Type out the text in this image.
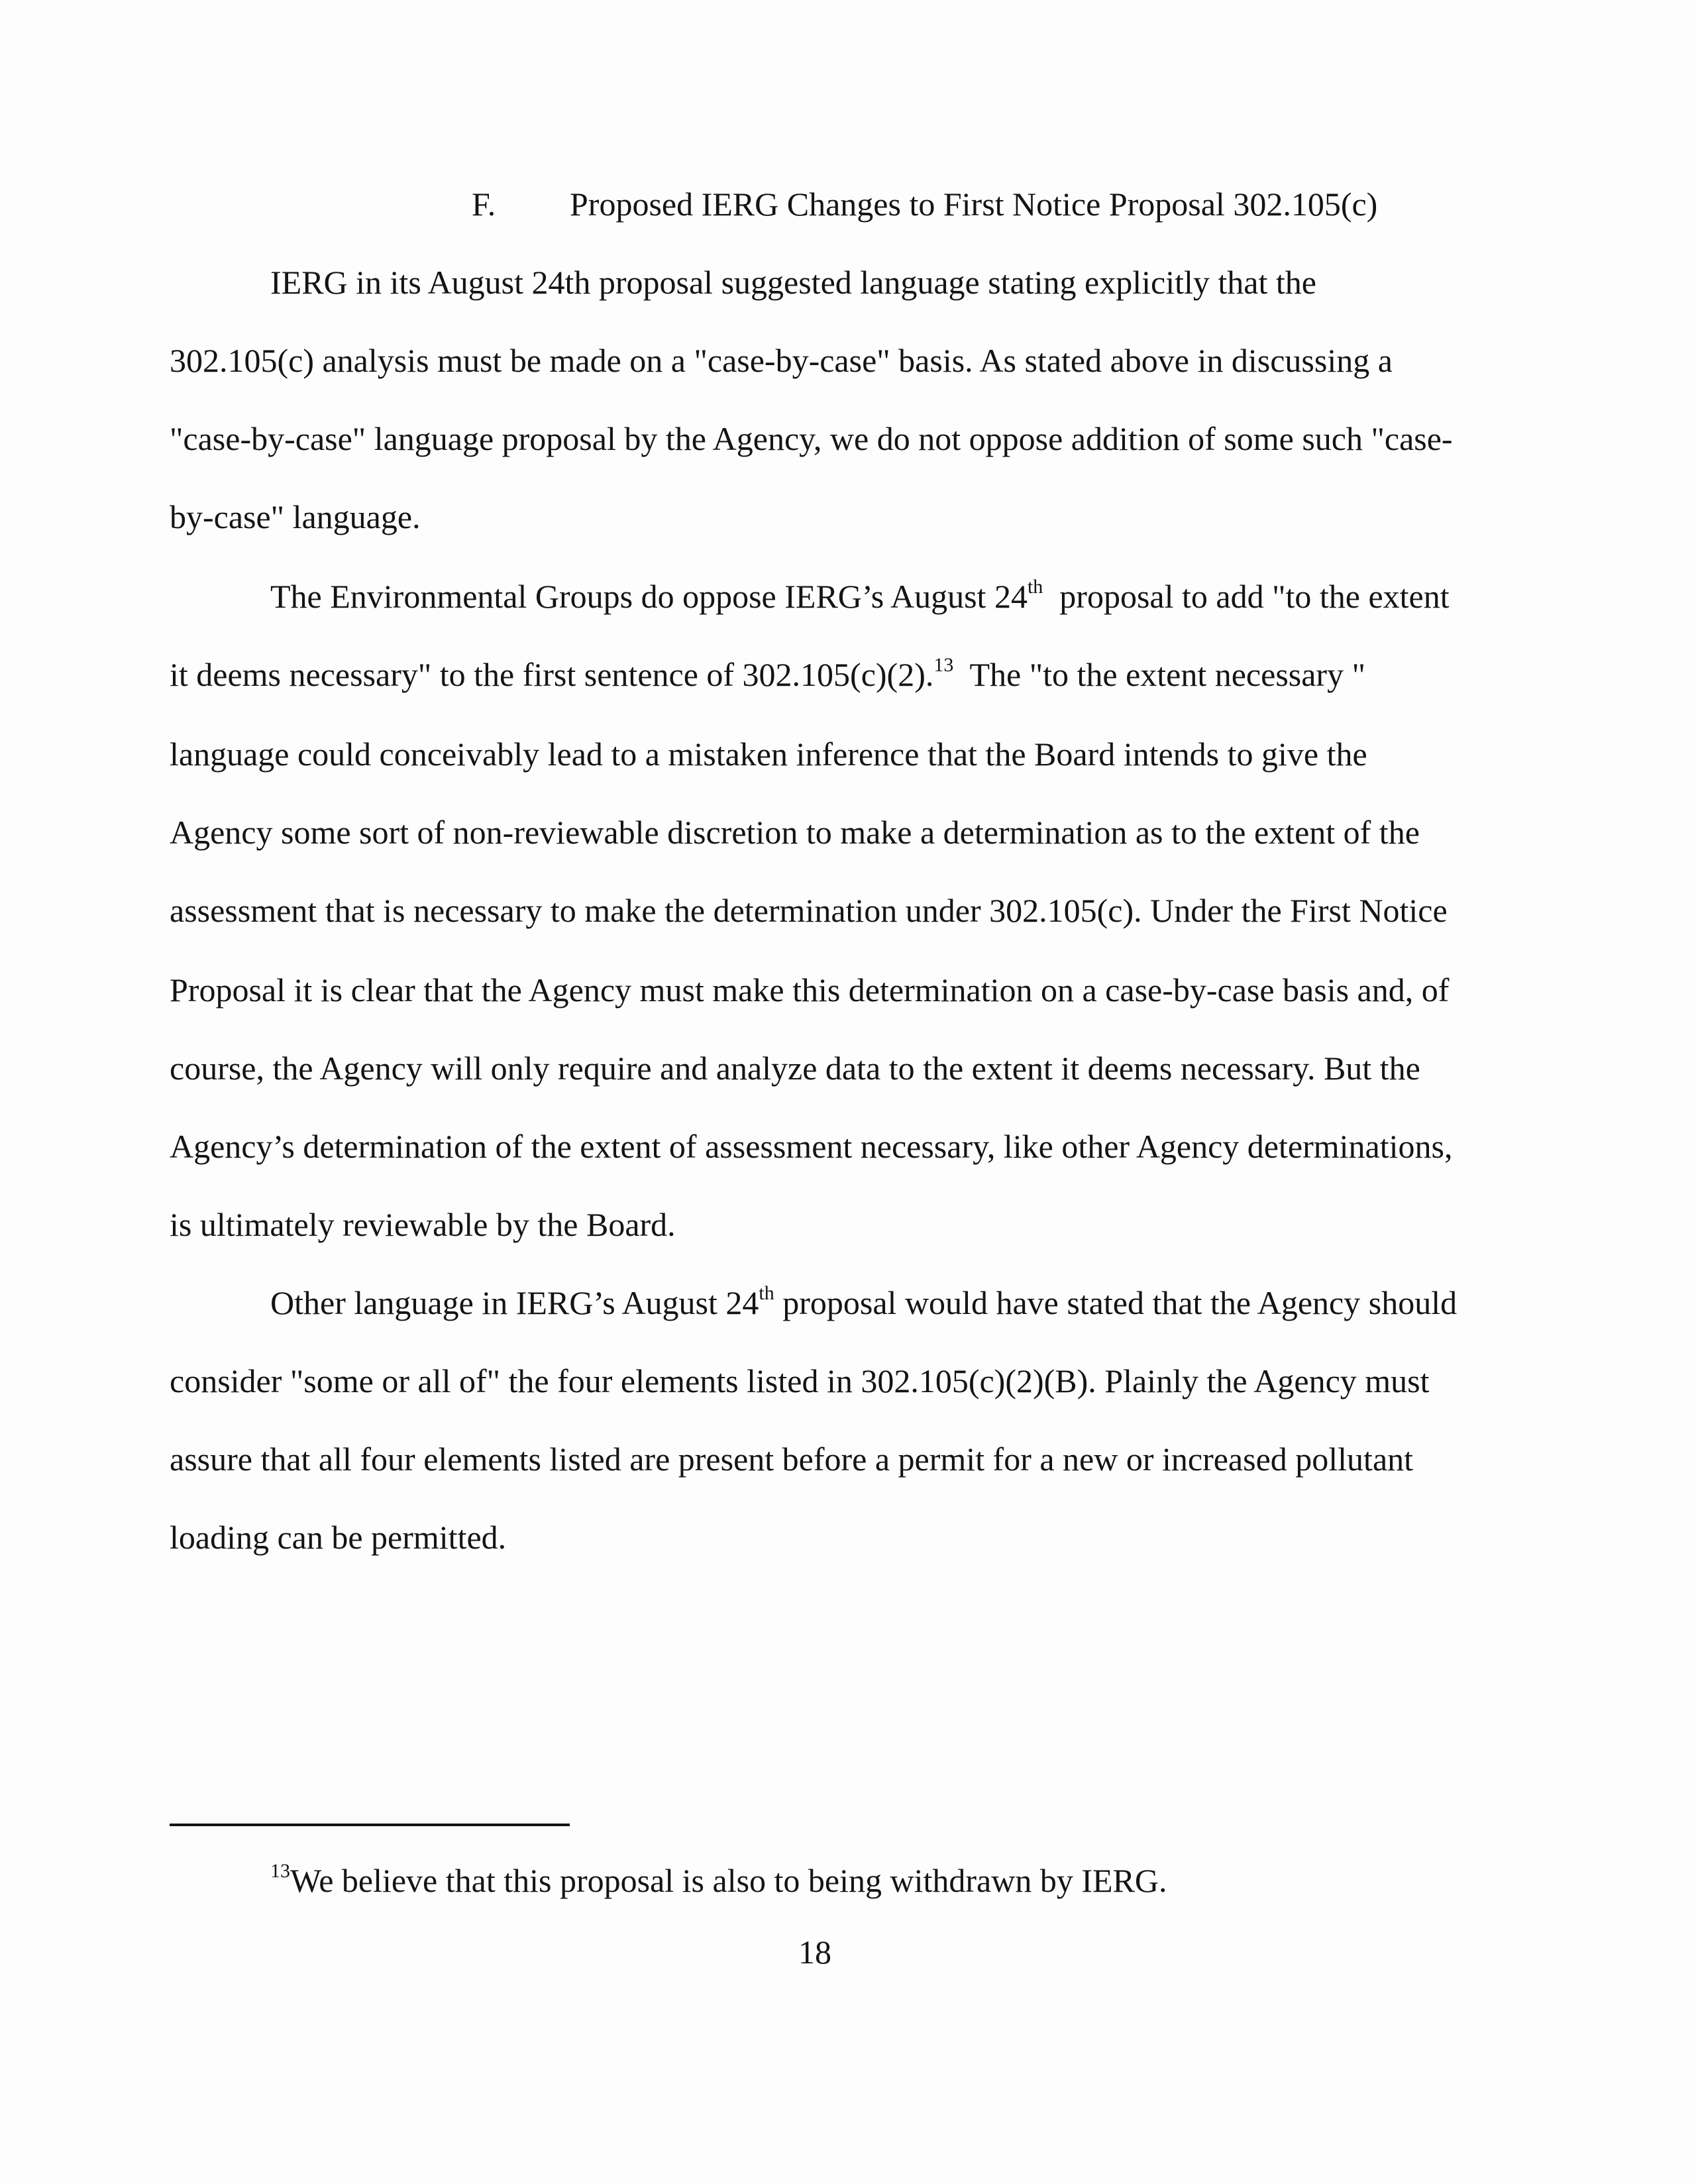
F. Proposed IERG Changes to First Notice Proposal 302.105(c)
IERG in its August 24th proposal suggested language stating explicitly that the
302.105(c) analysis must be made on a "case-by-case" basis. As stated above in discussing a
"case-by-case" language proposal by the Agency, we do not oppose addition of some such "case-
by-case" language.
The Environmental Groups do oppose IERG’s August 24th  proposal to add "to the extent
it deems necessary" to the first sentence of 302.105(c)(2).$^{13}$  The "to the extent necessary "
language could conceivably lead to a mistaken inference that the Board intends to give the
Agency some sort of non-reviewable discretion to make a determination as to the extent of the
assessment that is necessary to make the determination under 302.105(c). Under the First Notice
Proposal it is clear that the Agency must make this determination on a case-by-case basis and, of
course, the Agency will only require and analyze data to the extent it deems necessary. But the
Agency’s determination of the extent of assessment necessary, like other Agency determinations,
is ultimately reviewable by the Board.
Other language in IERG’s August 24th proposal would have stated that the Agency should
consider "some or all of" the four elements listed in 302.105(c)(2)(B). Plainly the Agency must
assure that all four elements listed are present before a permit for a new or increased pollutant
loading can be permitted.
$^{13}$We believe that this proposal is also to being withdrawn by IERG.
18
